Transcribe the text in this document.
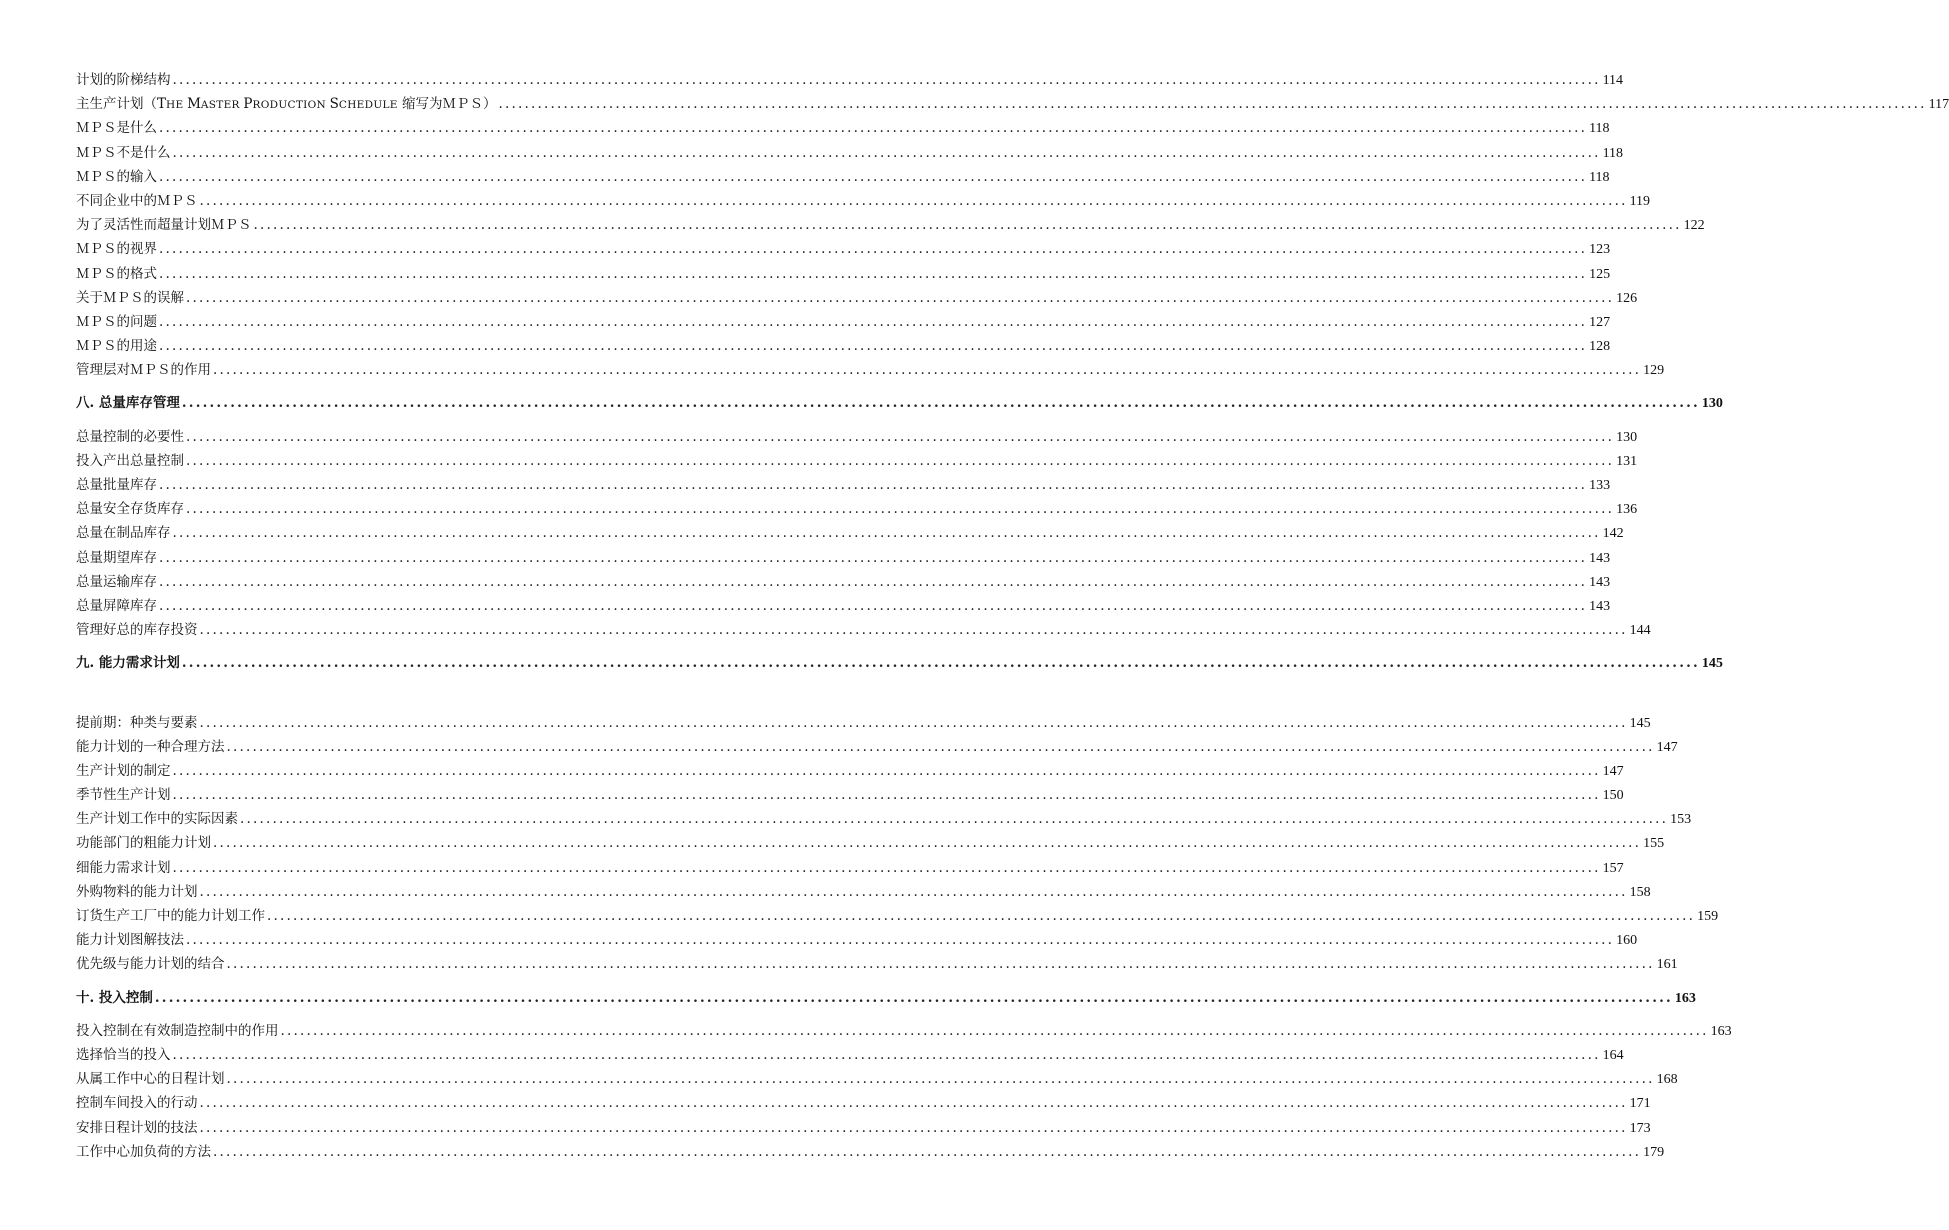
计划的阶梯结构 ............................................................................................................................................................................................................................ 114
主生产计划（THE MASTER PRODUCTION SCHEDULE 缩写为ＭＰＳ） ............................................................................................................................................................................................................................ 117
ＭＰＳ是什么 ............................................................................................................................................................................................................................ 118
ＭＰＳ不是什么 ............................................................................................................................................................................................................................ 118
ＭＰＳ的输入 ............................................................................................................................................................................................................................ 118
不同企业中的ＭＰＳ ............................................................................................................................................................................................................................ 119
为了灵活性而超量计划ＭＰＳ ............................................................................................................................................................................................................................ 122
ＭＰＳ的视界 ............................................................................................................................................................................................................................ 123
ＭＰＳ的格式 ............................................................................................................................................................................................................................ 125
关于ＭＰＳ的误解 ............................................................................................................................................................................................................................ 126
ＭＰＳ的问题 ............................................................................................................................................................................................................................ 127
ＭＰＳ的用途 ............................................................................................................................................................................................................................ 128
管理层对ＭＰＳ的作用 ............................................................................................................................................................................................................................ 129
八. 总量库存管理 ............................................................................................................................................................................................................................ 130
总量控制的必要性 ............................................................................................................................................................................................................................ 130
投入产出总量控制 ............................................................................................................................................................................................................................ 131
总量批量库存 ............................................................................................................................................................................................................................ 133
总量安全存货库存 ............................................................................................................................................................................................................................ 136
总量在制品库存 ............................................................................................................................................................................................................................ 142
总量期望库存 ............................................................................................................................................................................................................................ 143
总量运输库存 ............................................................................................................................................................................................................................ 143
总量屏障库存 ............................................................................................................................................................................................................................ 143
管理好总的库存投资 ............................................................................................................................................................................................................................ 144
九. 能力需求计划 ............................................................................................................................................................................................................................ 145
提前期：种类与要素 ............................................................................................................................................................................................................................ 145
能力计划的一种合理方法 ............................................................................................................................................................................................................................ 147
生产计划的制定 ............................................................................................................................................................................................................................ 147
季节性生产计划 ............................................................................................................................................................................................................................ 150
生产计划工作中的实际因素 ............................................................................................................................................................................................................................ 153
功能部门的粗能力计划 ............................................................................................................................................................................................................................ 155
细能力需求计划 ............................................................................................................................................................................................................................ 157
外购物料的能力计划 ............................................................................................................................................................................................................................ 158
订货生产工厂中的能力计划工作 ............................................................................................................................................................................................................................ 159
能力计划图解技法 ............................................................................................................................................................................................................................ 160
优先级与能力计划的结合 ............................................................................................................................................................................................................................ 161
十. 投入控制 ............................................................................................................................................................................................................................ 163
投入控制在有效制造控制中的作用 ............................................................................................................................................................................................................................ 163
选择恰当的投入 ............................................................................................................................................................................................................................ 164
从属工作中心的日程计划 ............................................................................................................................................................................................................................ 168
控制车间投入的行动 ............................................................................................................................................................................................................................ 171
安排日程计划的技法 ............................................................................................................................................................................................................................ 173
工作中心加负荷的方法 ............................................................................................................................................................................................................................ 179
